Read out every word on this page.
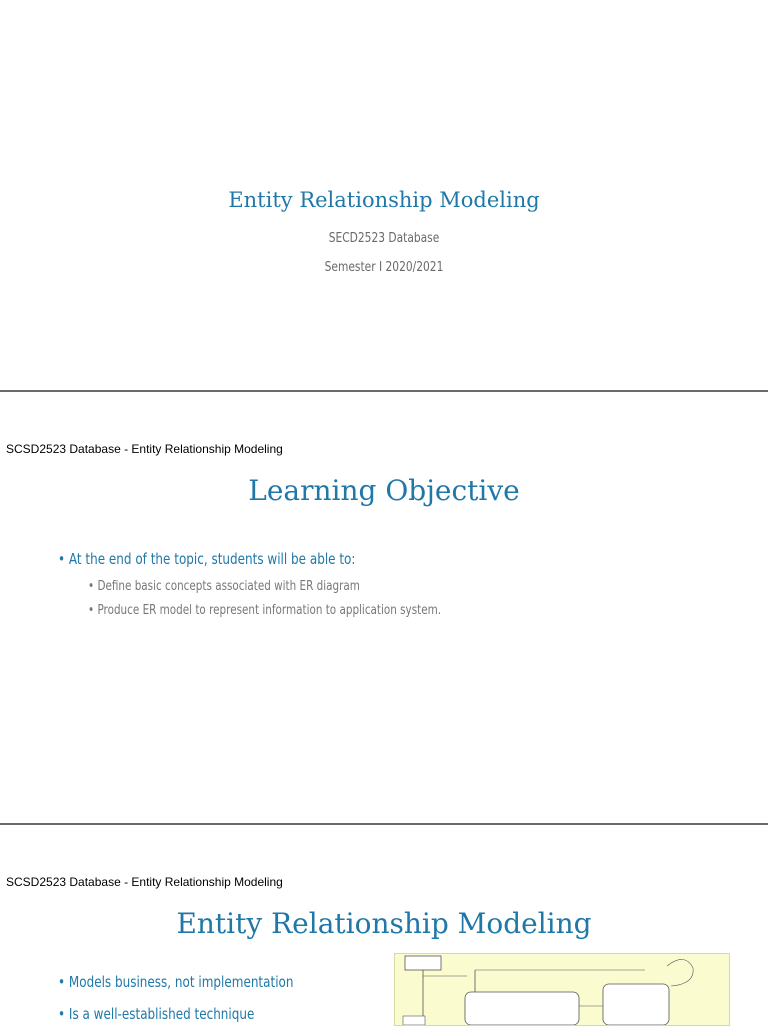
Entity Relationship Modeling
SECD2523 Database
Semester I 2020/2021
SCSD2523 Database - Entity Relationship Modeling
Learning Objective
• At the end of the topic, students will be able to:
• Define basic concepts associated with ER diagram
• Produce ER model to represent information to application system.
SCSD2523 Database - Entity Relationship Modeling
Entity Relationship Modeling
• Models business, not implementation
• Is a well-established technique
